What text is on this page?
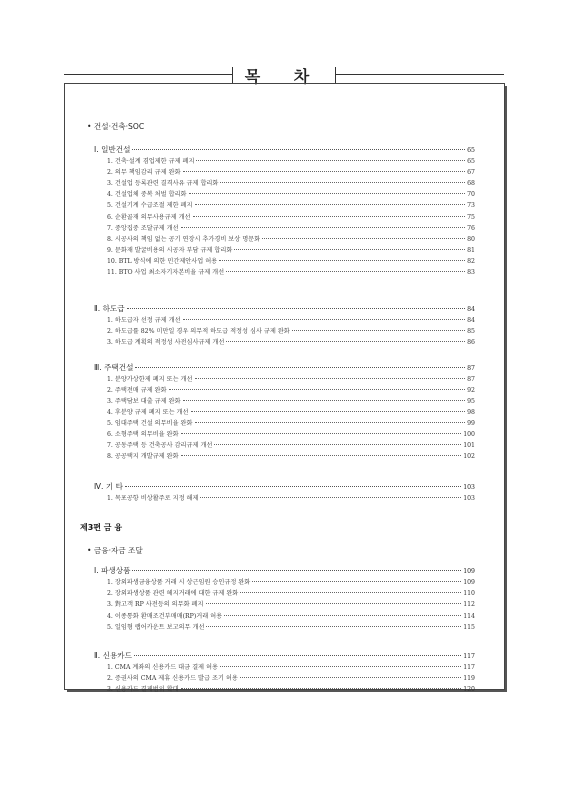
목 차
• 건설·건축·SOC
Ⅰ. 일반건설	65
1. 건축·설계 겸업제한 규제 폐지	65
2. 의무 책임감리 규제 완화	67
3. 건설업 등록관련 결격사유 규제 합리화	68
4. 건설업체 중복 처벌 합리화	70
5. 건설기계 수급조절 제한 폐지	73
6. 순환골재 의무사용규제 개선	75
7. 중앙집중 조달규제 개선	76
8. 시공사의 책임 없는 공기 연장시 추가경비 보상 명문화	80
9. 문화재 발굴비용의 시공자 부담 규제 합리화	81
10. BTL 방식에 의한 민간제안사업 허용	82
11. BTO 사업 최소자기자본비율 규제 개선	83
Ⅱ. 하도급	84
1. 하도급자 선정 규제 개선	84
2. 하도급률 82% 미만일 경우 의무적 하도급 적정성 심사 규제 완화	85
3. 하도급 계획의 적정성 사전심사규제 개선	86
Ⅲ. 주택건설	87
1. 분양가상한제 폐지 또는 개선	87
2. 주택전매 규제 완화	92
3. 주택담보 대출 규제 완화	95
4. 후분양 규제 폐지 또는 개선	98
5. 임대주택 건설 의무비율 완화	99
6. 소형주택 의무비율 완화	100
7. 공동주택 등 건축공사 감리규제 개선	101
8. 공공택지 개발규제 완화	102
Ⅳ. 기 타	103
1. 목포공항 비상활주로 지정 해제	103
Ⅰ. 파생상품	109
1. 장외파생금융상품 거래 시 상근임원 승인규정 완화	109
2. 장외파생상품 관련 헤지거래에 대한 규제 완화	110
3. 對고객 RP 사전등의 의무화 폐지	112
4. 이종통화 환매조건부매매(RP)거래 허용	114
5. 일임형 랩어카운트 보고의무 개선	115
Ⅱ. 신용카드	117
1. CMA 계좌의 신용카드 대금 결제 허용	117
2. 증권사의 CMA 제휴 신용카드 발급 조기 허용	119
3. 신용카드 결제범위 확대	120
제3편 금 융
• 금융·자금 조달
